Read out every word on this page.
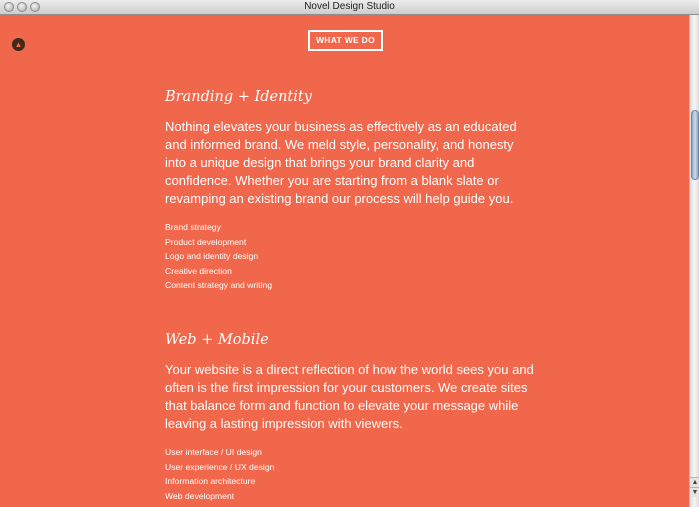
Novel Design Studio
▲	WHAT WE DO
Branding + Identity

Nothing elevates your business as effectively as an educated and informed brand. We meld style, personality, and honesty into a unique design that brings your brand clarity and confidence. Whether you are starting from a blank slate or revamping an existing brand our process will help guide you.

Brand strategy
Product development
Logo and identity design
Creative direction
Content strategy and writing
Web + Mobile

Your website is a direct reflection of how the world sees you and often is the first impression for your customers. We create sites that balance form and function to elevate your message while leaving a lasting impression with viewers.

User interface / UI design
User experience / UX design
Information architecture
Web development
▲
▼
